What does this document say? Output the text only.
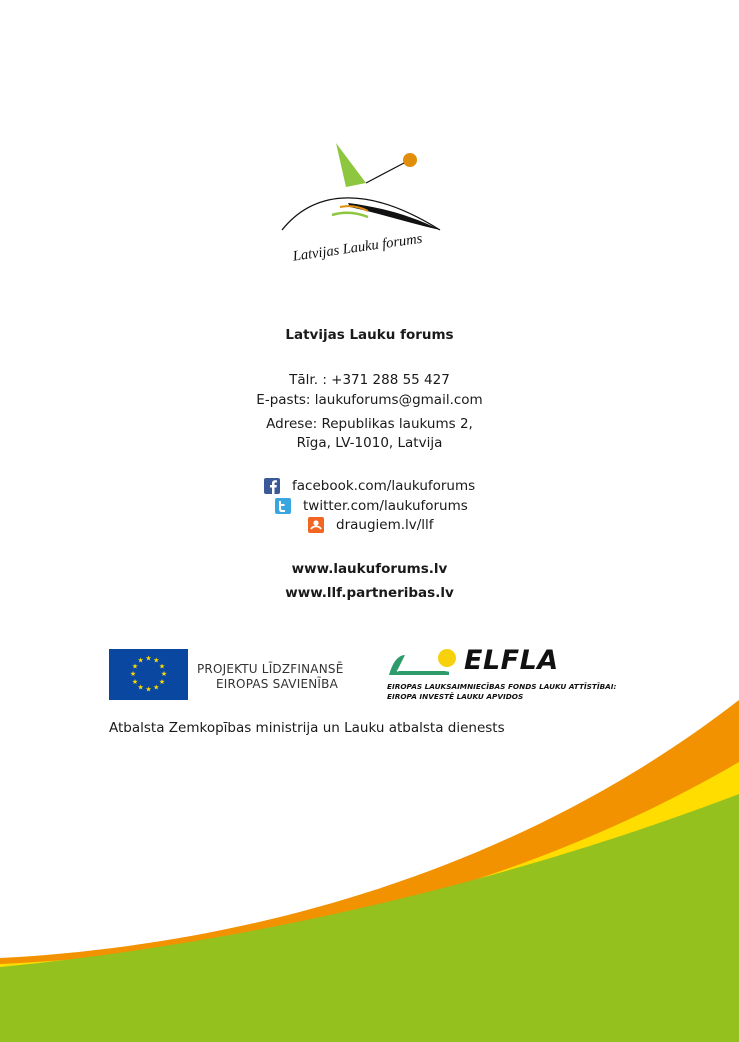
Latvijas Lauku forums
Latvijas Lauku forums
Tālr. : +371 288 55 427
E-pasts: laukuforums@gmail.com
Adrese: Republikas laukums 2,
Rīga, LV-1010, Latvija
facebook.com/laukuforums
twitter.com/laukuforums
draugiem.lv/llf
www.laukuforums.lv
www.llf.partneribas.lv
★ ★
★
★
★
★
★
★
★
★
★
★
PROJEKTU LĪDZFINANSĒ
EIROPAS SAVIENĪBA
ELFLA
EIROPAS LAUKSAIMNIECĪBAS FONDS LAUKU ATTĪSTĪBAI:
EIROPA INVESTĒ LAUKU APVIDOS
Atbalsta Zemkopības ministrija un Lauku atbalsta dienests
